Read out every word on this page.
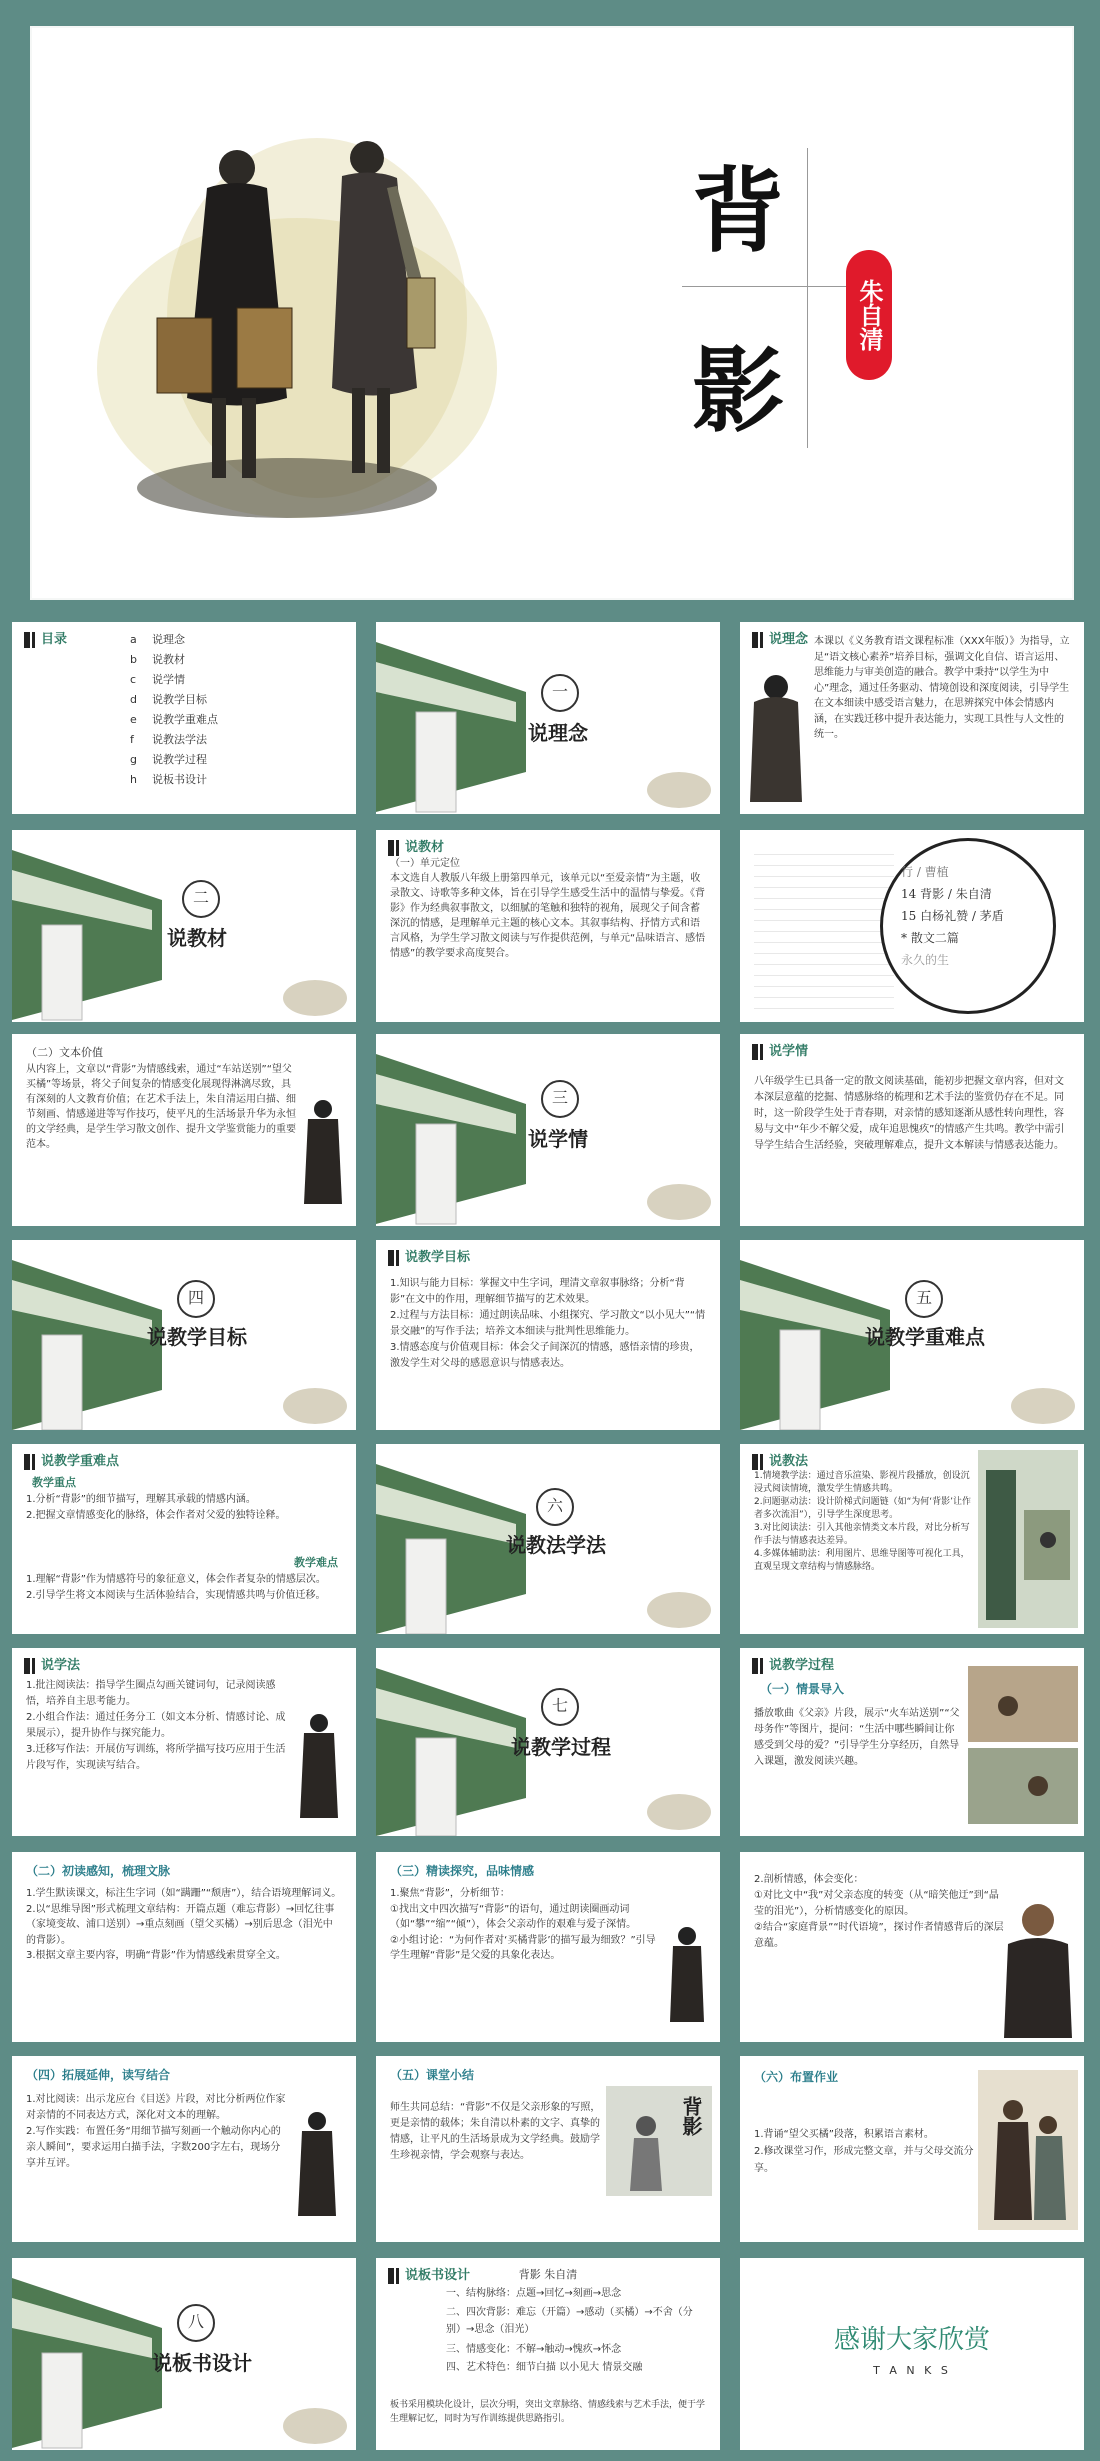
背
影
朱自清
目录	a
b
c
d
e
f
g
h
说理念
说教材
说学情
说教学目标
说教学重难点
说教法学法
说教学过程
说板书设计
一
说理念
说理念 本课以《义务教育语文课程标准（XXX年版）》为指导，立足“语文核心素养”培养目标，强调文化自信、语言运用、思维能力与审美创造的融合。教学中秉持“以学生为中心”理念，通过任务驱动、情境创设和深度阅读，引导学生在文本细读中感受语言魅力，在思辨探究中体会情感内涵，在实践迁移中提升表达能力，实现工具性与人文性的统一。
二
说教材
说教材
（一）单元定位
本文选自人教版八年级上册第四单元，该单元以“至爱亲情”为主题，收录散文、诗歌等多种文体，旨在引导学生感受生活中的温情与挚爱。《背影》作为经典叙事散文，以细腻的笔触和独特的视角，展现父子间含蓄深沉的情感，是理解单元主题的核心文本。其叙事结构、抒情方式和语言风格，为学生学习散文阅读与写作提供范例，与单元“品味语言、感悟情感”的教学要求高度契合。
行 / 曹植
14 背影 / 朱自清
15 白杨礼赞 / 茅盾
* 散文二篇
永久的生
（二）文本价值
从内容上，文章以“背影”为情感线索，通过“车站送别”“望父买橘”等场景，将父子间复杂的情感变化展现得淋漓尽致，具有深刻的人文教育价值；在艺术手法上，朱自清运用白描、细节刻画、情感递进等写作技巧，使平凡的生活场景升华为永恒的文学经典，是学生学习散文创作、提升文学鉴赏能力的重要范本。
三
说学情
说学情
八年级学生已具备一定的散文阅读基础，能初步把握文章内容，但对文本深层意蕴的挖掘、情感脉络的梳理和艺术手法的鉴赏仍存在不足。同时，这一阶段学生处于青春期，对亲情的感知逐渐从感性转向理性，容易与文中“年少不解父爱，成年追思愧疚”的情感产生共鸣。教学中需引导学生结合生活经验，突破理解难点，提升文本解读与情感表达能力。
四
说教学目标
说教学目标
1.知识与能力目标：掌握文中生字词，理清文章叙事脉络；分析“背影”在文中的作用，理解细节描写的艺术效果。
2.过程与方法目标：通过朗读品味、小组探究、学习散文“以小见大”“情景交融”的写作手法；培养文本细读与批判性思维能力。
3.情感态度与价值观目标：体会父子间深沉的情感，感悟亲情的珍贵，激发学生对父母的感恩意识与情感表达。
五
说教学重难点
说教学重难点
教学重点
1.分析“背影”的细节描写，理解其承载的情感内涵。
2.把握文章情感变化的脉络，体会作者对父爱的独特诠释。
教学难点
1.理解“背影”作为情感符号的象征意义，体会作者复杂的情感层次。
2.引导学生将文本阅读与生活体验结合，实现情感共鸣与价值迁移。
六
说教法学法
说教法
1.情境教学法：通过音乐渲染、影视片段播放，创设沉浸式阅读情境，激发学生情感共鸣。
2.问题驱动法：设计阶梯式问题链（如“为何‘背影’让作者多次流泪”），引导学生深度思考。
3.对比阅读法：引入其他亲情类文本片段，对比分析写作手法与情感表达差异。
4.多媒体辅助法：利用图片、思维导图等可视化工具，直观呈现文章结构与情感脉络。
说学法
1.批注阅读法：指导学生圈点勾画关键词句，记录阅读感悟，培养自主思考能力。
2.小组合作法：通过任务分工（如文本分析、情感讨论、成果展示），提升协作与探究能力。
3.迁移写作法：开展仿写训练，将所学描写技巧应用于生活片段写作，实现读写结合。
七
说教学过程
说教学过程
（一）情景导入
播放歌曲《父亲》片段，展示“火车站送别”“父母务作”等图片，提问：“生活中哪些瞬间让你感受到父母的爱？”引导学生分享经历，自然导入课题，激发阅读兴趣。
（二）初读感知，梳理文脉
1.学生默读课文，标注生字词（如“蹒跚”“颓唐”），结合语境理解词义。
2.以“思维导图”形式梳理文章结构：开篇点题（难忘背影）→回忆往事（家境变故、浦口送别）→重点刻画（望父买橘）→别后思念（泪光中的背影）。
3.根据文章主要内容，明确“背影”作为情感线索贯穿全文。
（三）精读探究，品味情感
1.聚焦“背影”，分析细节：
①找出文中四次描写“背影”的语句，通过朗读圈画动词（如“攀”“缩”“倾”），体会父亲动作的艰难与爱子深情。
②小组讨论：“为何作者对‘买橘背影’的描写最为细致？”引导学生理解“背影”是父爱的具象化表达。
2.剖析情感，体会变化：
①对比文中“我”对父亲态度的转变（从“暗笑他迂”到“晶莹的泪光”），分析情感变化的原因。
②结合“家庭背景”“时代语境”，探讨作者情感背后的深层意蕴。
（四）拓展延伸，读写结合
1.对比阅读：出示龙应台《目送》片段，对比分析两位作家对亲情的不同表达方式，深化对文本的理解。
2.写作实践：布置任务“用细节描写刻画一个触动你内心的亲人瞬间”，要求运用白描手法，字数200字左右，现场分享并互评。
（五）课堂小结
师生共同总结：“背影”不仅是父亲形象的写照，更是亲情的载体；朱自清以朴素的文字、真挚的情感，让平凡的生活场景成为文学经典。鼓励学生珍视亲情，学会观察与表达。
背影
（六）布置作业
1.背诵“望父买橘”段落，积累语言素材。
2.修改课堂习作，形成完整文章，并与父母交流分享。
八
说板书设计
说板书设计	背影 朱自清
一、结构脉络：点题→回忆→刻画→思念
二、四次背影：难忘（开篇）→感动（买橘）→不舍（分别）→思念（泪光）
三、情感变化：不解→触动→愧疚→怀念
四、艺术特色：细节白描 以小见大 情景交融
板书采用模块化设计，层次分明，突出文章脉络、情感线索与艺术手法，便于学生理解记忆，同时为写作训练提供思路指引。
感谢大家欣赏
T A N K S
